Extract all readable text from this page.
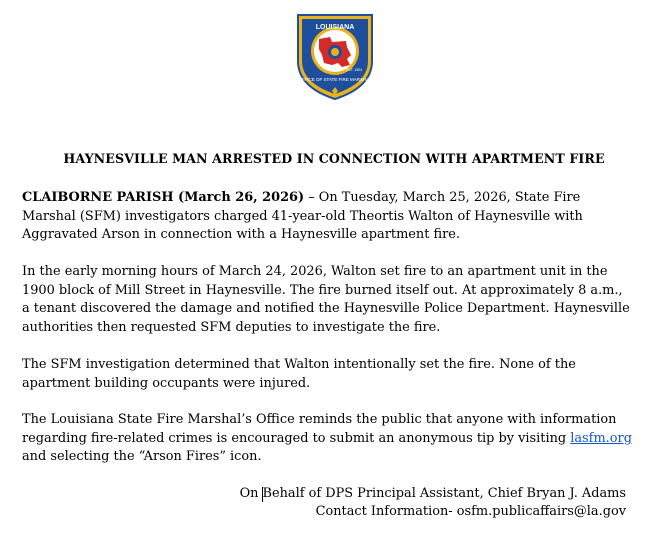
LOUISIANA
OFFICE OF STATE FIRE MARSHAL
EST. 1904
HAYNESVILLE MAN ARRESTED IN CONNECTION WITH APARTMENT FIRE
CLAIBORNE PARISH (March 26, 2026) – On Tuesday, March 25, 2026, State Fire Marshal (SFM) investigators charged 41-year-old Theortis Walton of Haynesville with Aggravated Arson in connection with a Haynesville apartment fire.
In the early morning hours of March 24, 2026, Walton set fire to an apartment unit in the 1900 block of Mill Street in Haynesville. The fire burned itself out. At approximately 8 a.m., a tenant discovered the damage and notified the Haynesville Police Department. Haynesville authorities then requested SFM deputies to investigate the fire.
The SFM investigation determined that Walton intentionally set the fire. None of the apartment building occupants were injured.
The Louisiana State Fire Marshal’s Office reminds the public that anyone with information regarding fire-related crimes is encouraged to submit an anonymous tip by visiting lasfm.org and selecting the “Arson Fires” icon.
On Behalf of DPS Principal Assistant, Chief Bryan J. Adams
Contact Information- osfm.publicaffairs@la.gov
